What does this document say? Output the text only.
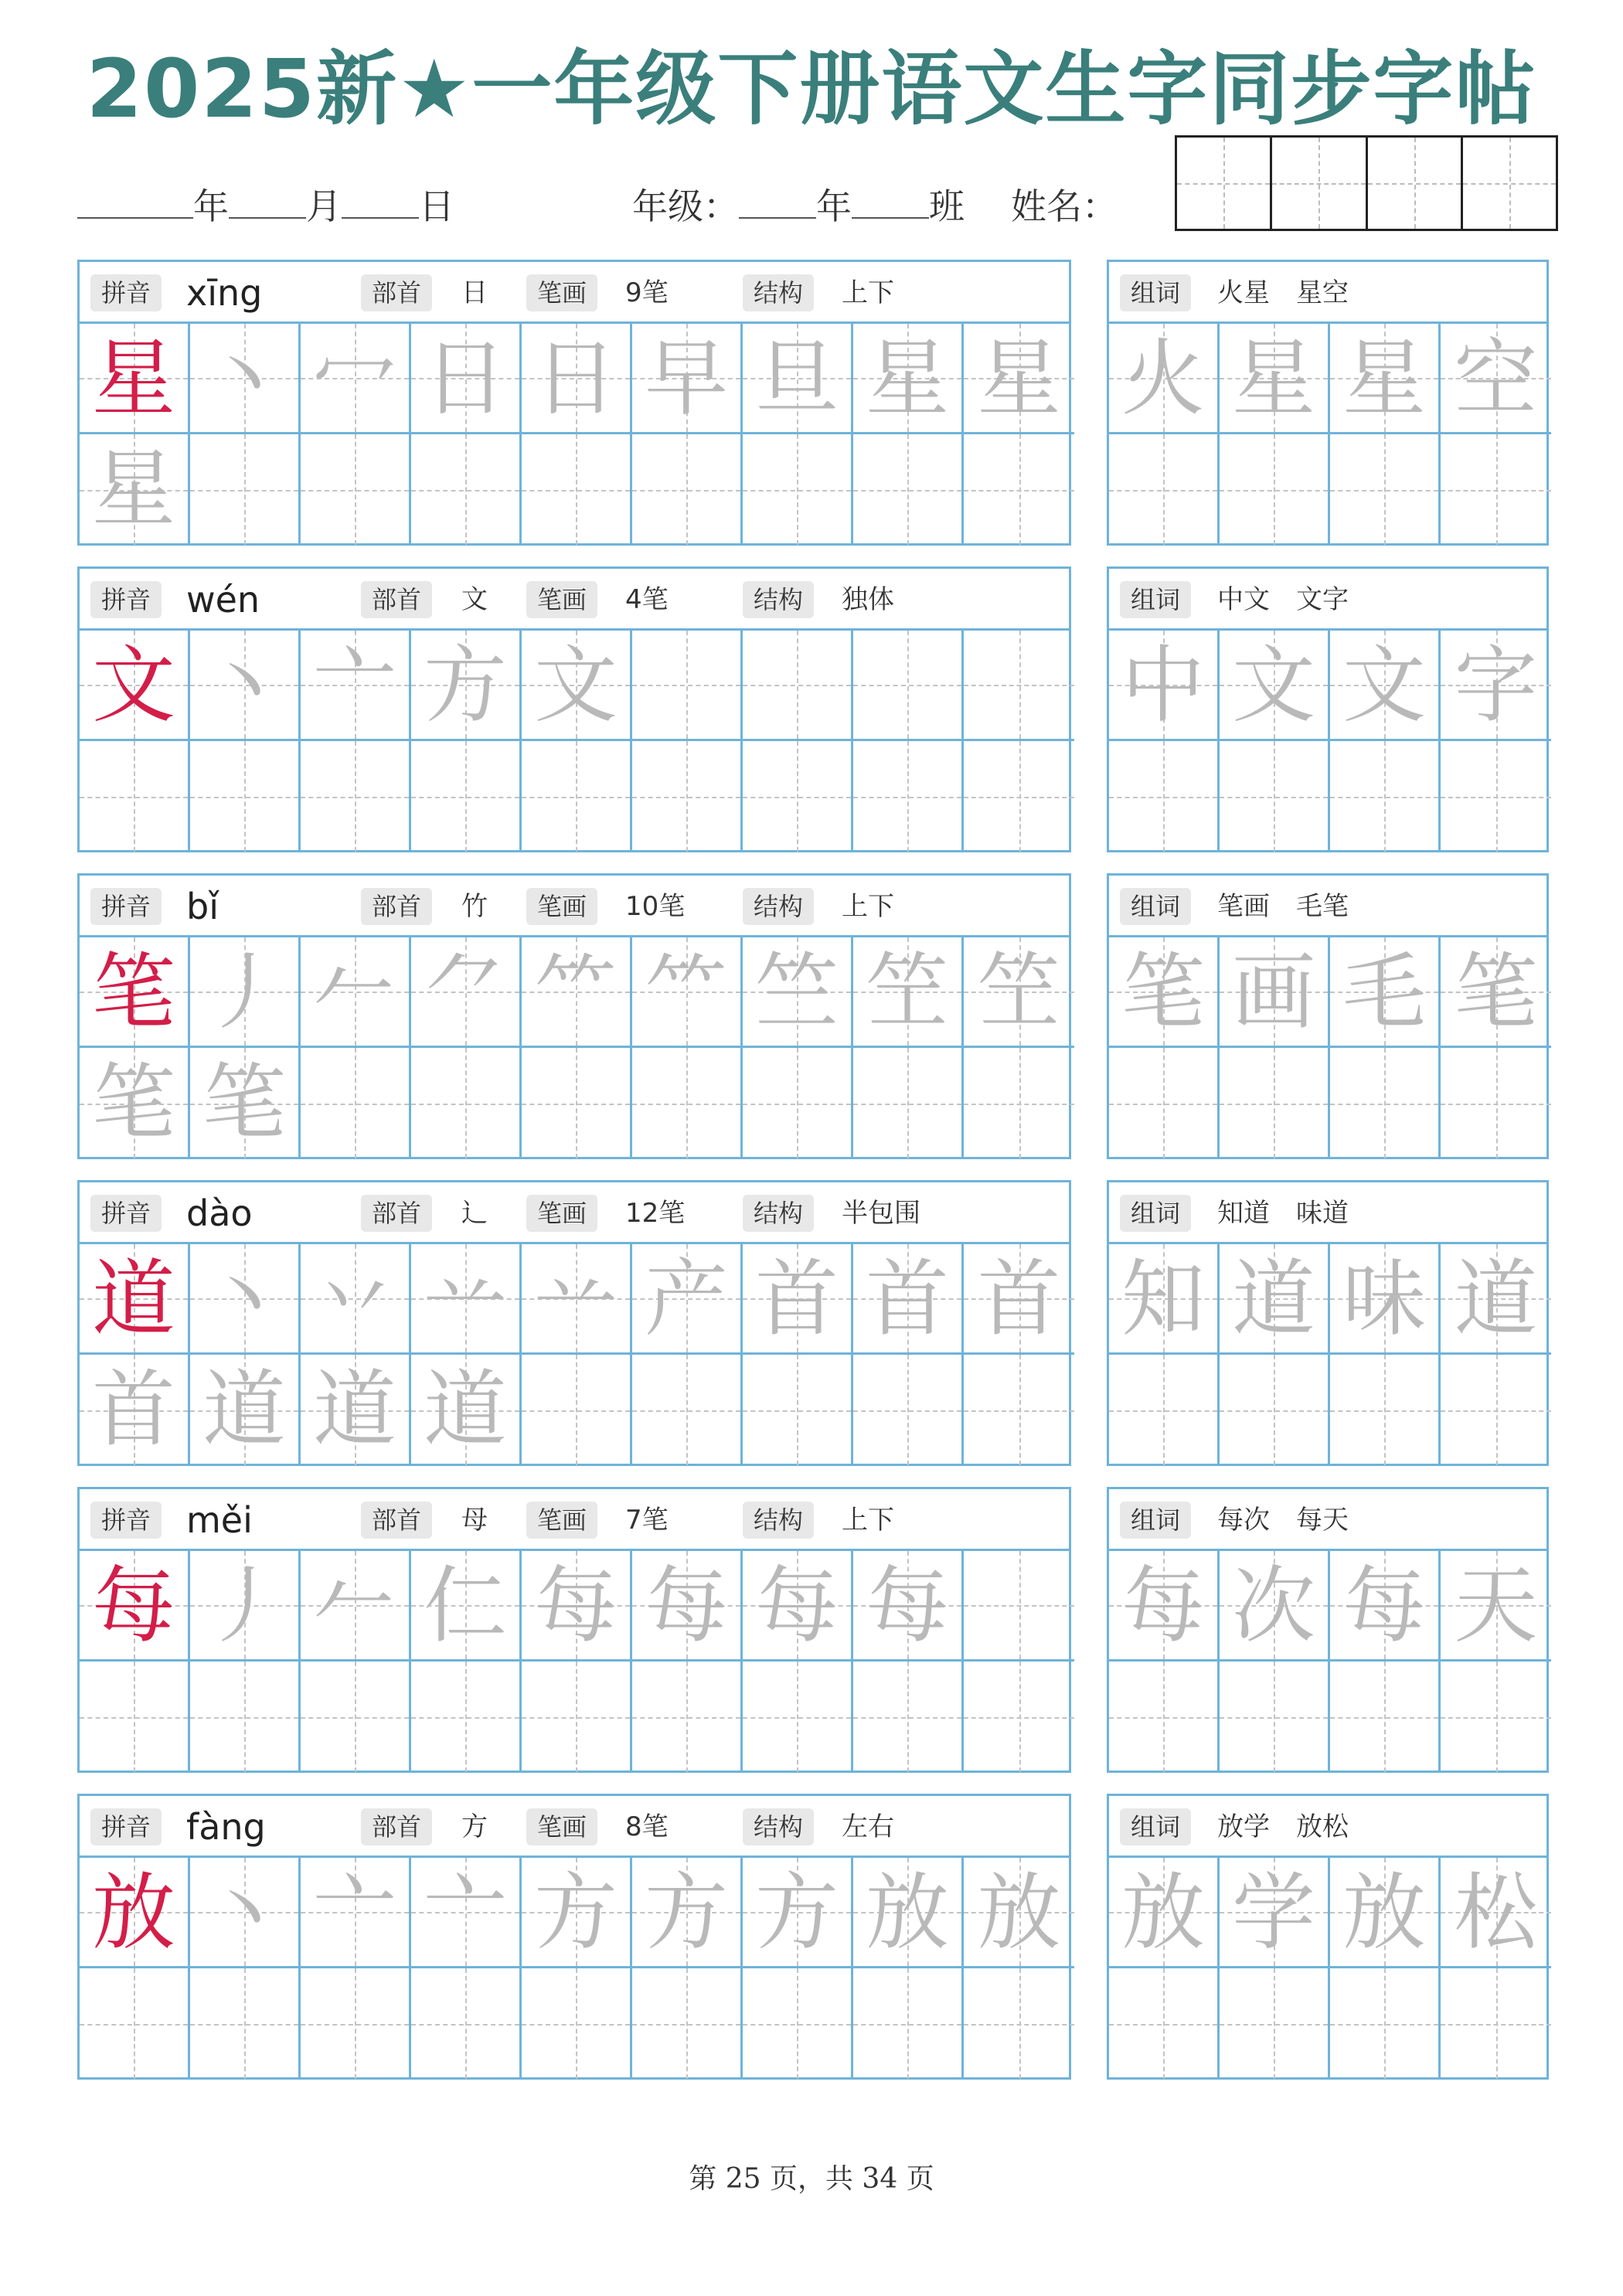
2025新★一年级下册语文生字同步字帖
年 月 日	年级： 年 班 姓名：
拼音 xīng	部首	日	笔画	9笔	结构	上下
星 丶 冖 日 日 早 旦 星 星
星
组词	火星　星空
火 星 星 空
拼音 wén	部首	文	笔画	4笔	结构	独体
文 丶 亠 方 文
组词	中文　文字
中 文 文 字
拼音 bǐ	部首	竹	笔画	10笔	结构	上下
笔 丿 𠂉 ⺈ ⺮ ⺮ 竺 笁 笁
笔 笔
组词	笔画　毛笔
笔 画 毛 笔
拼音 dào	部首	辶	笔画	12笔	结构	半包围
道 丶 丷 䒑 䒑 产 首 首 首
首 道 道 道
组词	知道　味道
知 道 味 道
拼音 měi	部首	母	笔画	7笔	结构	上下
每 丿 𠂉 仁 每 每 每 每
组词	每次　每天
每 次 每 天
拼音 fàng	部首	方	笔画	8笔	结构	左右
放 丶 亠 亠 方 方 方 放 放
组词	放学　放松
放 学 放 松
第 25 页，共 34 页
